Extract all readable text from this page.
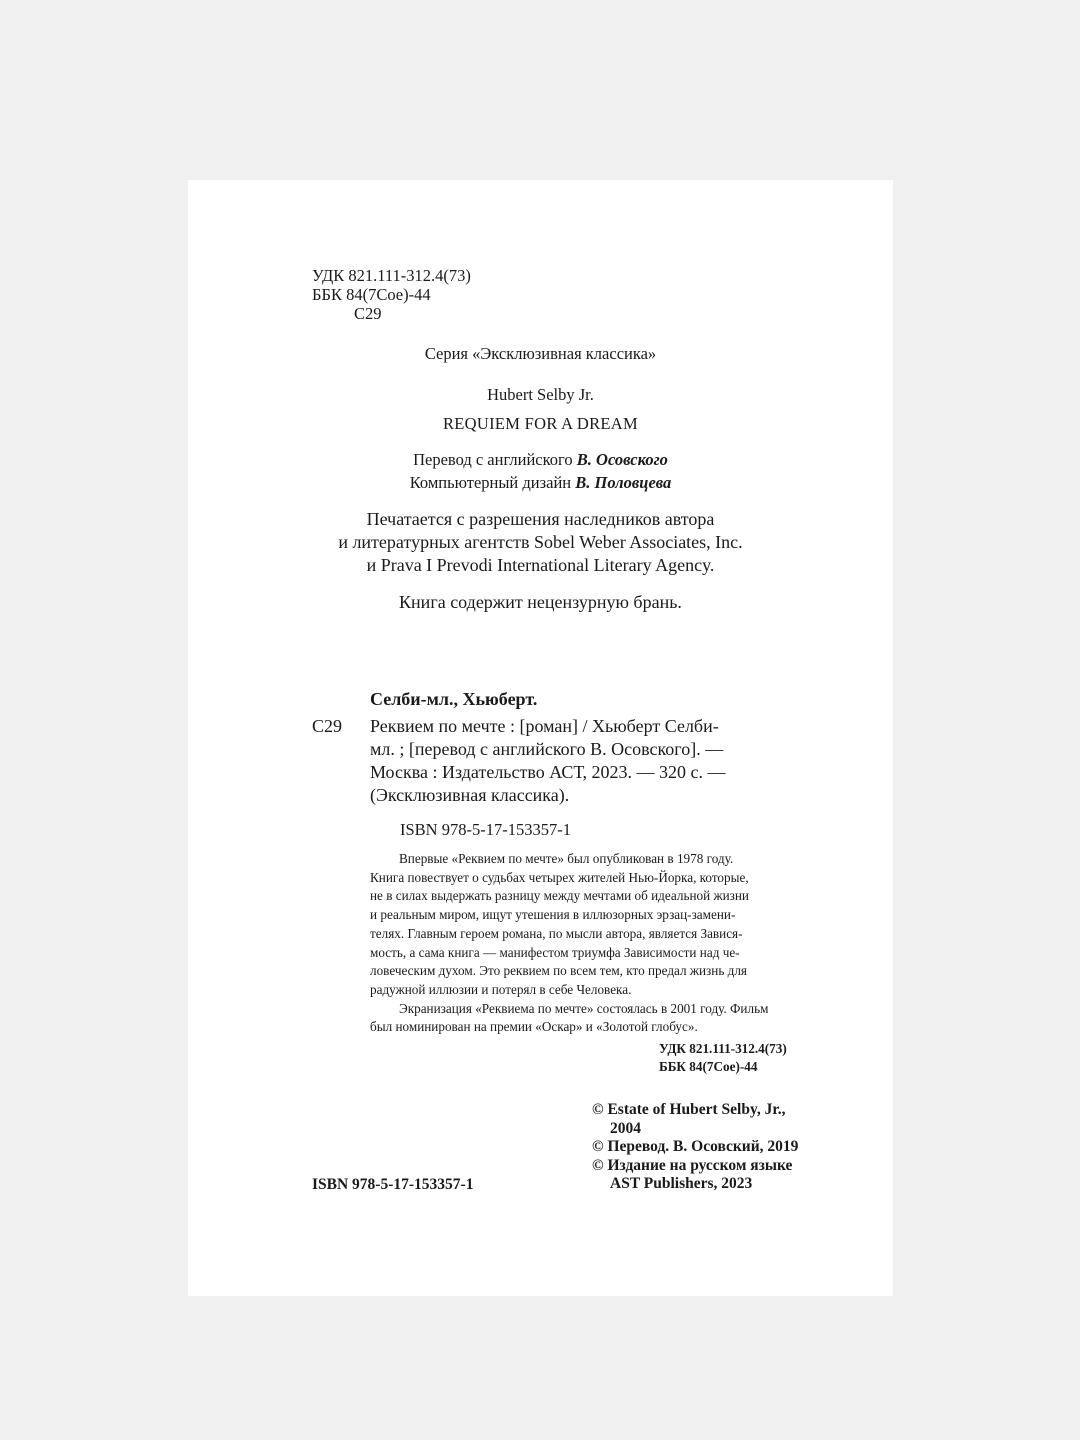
УДК 821.111-312.4(73)
ББК 84(7Сое)-44
С29
Серия «Эксклюзивная классика»
Hubert Selby Jr.
REQUIEM FOR A DREAM
Перевод с английского В. Осовского
Компьютерный дизайн В. Половцева
Печатается с разрешения наследников автора
и литературных агентств Sobel Weber Associates, Inc.
и Prava I Prevodi International Literary Agency.
Книга содержит нецензурную брань.
Селби-мл., Хьюберт.
С29 Реквием по мечте : [роман] / Хьюберт Селби-
мл. ; [перевод с английского В. Осовского]. —
Москва : Издательство АСТ, 2023. — 320 с. —
(Эксклюзивная классика).
ISBN 978-5-17-153357-1
Впервые «Реквием по мечте» был опубликован в 1978 году.
Книга повествует о судьбах четырех жителей Нью-Йорка, которые,
не в силах выдержать разницу между мечтами об идеальной жизни
и реальным миром, ищут утешения в иллюзорных эрзац-замени-
телях. Главным героем романа, по мысли автора, является Завися-
мость, а сама книга — манифестом триумфа Зависимости над че-
ловеческим духом. Это реквием по всем тем, кто предал жизнь для
радужной иллюзии и потерял в себе Человека.
Экранизация «Реквиема по мечте» состоялась в 2001 году. Фильм
был номинирован на премии «Оскар» и «Золотой глобус».
УДК 821.111-312.4(73)
ББК 84(7Сое)-44
© Estate of Hubert Selby, Jr.,
2004
© Перевод. В. Осовский, 2019
© Издание на русском языке
AST Publishers, 2023
ISBN 978-5-17-153357-1
